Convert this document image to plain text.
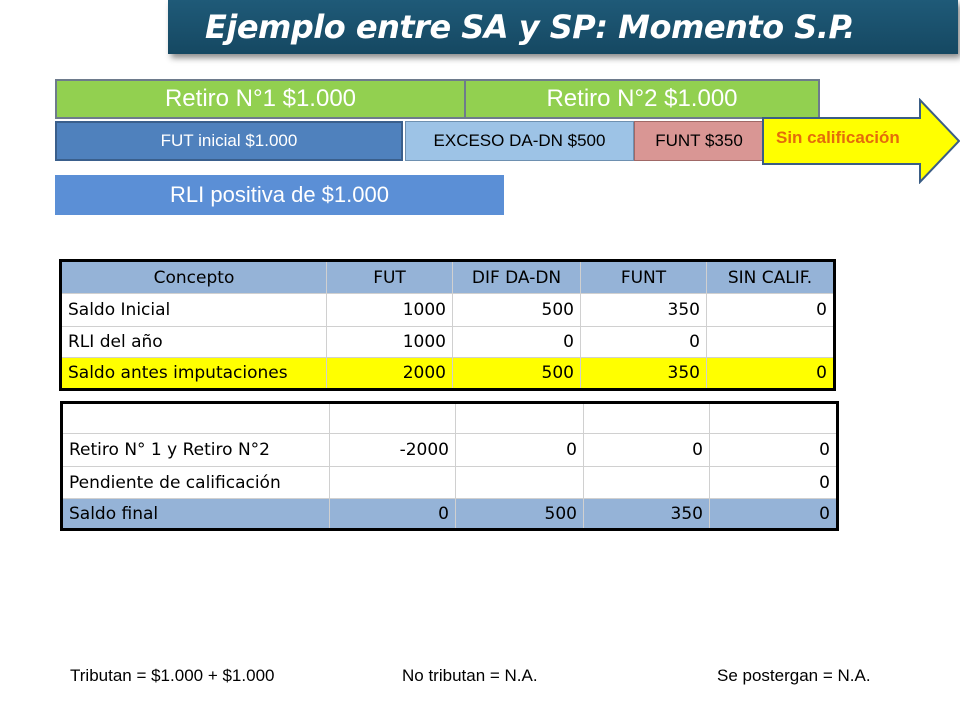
Ejemplo entre SA y SP: Momento S.P.
Retiro N°1 $1.000	Retiro N°2 $1.000
FUT inicial $1.000	EXCESO DA-DN $500	FUNT $350	Sin calificación
RLI positiva de $1.000
Concepto	FUT	DIF DA-DN	FUNT	SIN CALIF.
Saldo Inicial	1000	500	350	0
RLI del año	1000	0	0	
Saldo antes imputaciones	2000	500	350	0

Retiro N° 1 y Retiro N°2	-2000	0	0	0
Pendiente de calificación				0
Saldo final	0	500	350	0
Tributan = $1.000 + $1.000	No tributan = N.A.	Se postergan = N.A.
